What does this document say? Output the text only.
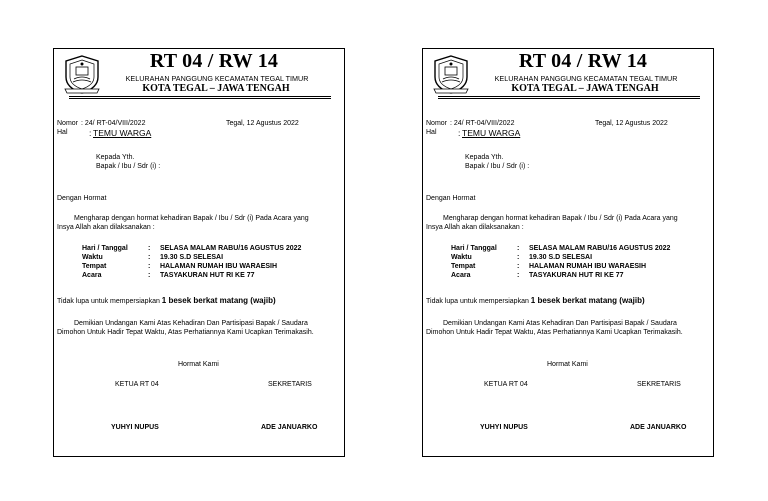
RT 04 / RW 14
KELURAHAN PANGGUNG KECAMATAN TEGAL TIMUR
KOTA TEGAL – JAWA TENGAH
Nomor : 24/ RT-04/VIII/2022	Tegal, 12 Agustus 2022
Hal	: TEMU WARGA
Kepada Yth.
Bapak / Ibu / Sdr (i) :
Dengan Hormat
Mengharap dengan hormat kehadiran Bapak / Ibu / Sdr (i) Pada Acara yang
Insya Allah akan dilaksanakan :
Hari / Tanggal	: SELASA MALAM RABU/16 AGUSTUS 2022
Waktu	: 19.30 S.D SELESAI
Tempat	: HALAMAN RUMAH IBU WARAESIH
Acara	: TASYAKURAN HUT RI KE 77
Tidak lupa untuk mempersiapkan 1 besek berkat matang (wajib)
Demikian Undangan Kami Atas Kehadiran Dan Partisipasi Bapak / Saudara
Dimohon Untuk Hadir Tepat Waktu, Atas Perhatiannya Kami Ucapkan Terimakasih.
Hormat Kami
KETUA RT 04	SEKRETARIS
YUHYI NUPUS	ADE JANUARKO
RT 04 / RW 14
KELURAHAN PANGGUNG KECAMATAN TEGAL TIMUR
KOTA TEGAL – JAWA TENGAH
Nomor : 24/ RT-04/VIII/2022	Tegal, 12 Agustus 2022
Hal	: TEMU WARGA
Kepada Yth.
Bapak / Ibu / Sdr (i) :
Dengan Hormat
Mengharap dengan hormat kehadiran Bapak / Ibu / Sdr (i) Pada Acara yang
Insya Allah akan dilaksanakan :
Hari / Tanggal	: SELASA MALAM RABU/16 AGUSTUS 2022
Waktu	: 19.30 S.D SELESAI
Tempat	: HALAMAN RUMAH IBU WARAESIH
Acara	: TASYAKURAN HUT RI KE 77
Tidak lupa untuk mempersiapkan 1 besek berkat matang (wajib)
Demikian Undangan Kami Atas Kehadiran Dan Partisipasi Bapak / Saudara
Dimohon Untuk Hadir Tepat Waktu, Atas Perhatiannya Kami Ucapkan Terimakasih.
Hormat Kami
KETUA RT 04	SEKRETARIS
YUHYI NUPUS	ADE JANUARKO
